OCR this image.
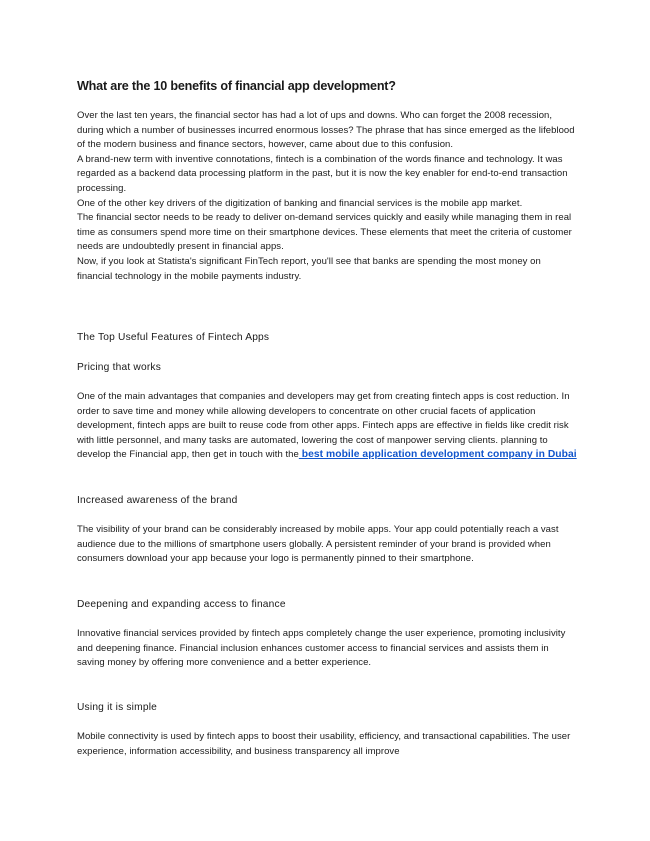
What are the 10 benefits of financial app development?

Over the last ten years, the financial sector has had a lot of ups and downs. Who can forget the 2008 recession, during which a number of businesses incurred enormous losses? The phrase that has since emerged as the lifeblood of the modern business and finance sectors, however, came about due to this confusion.

A brand-new term with inventive connotations, fintech is a combination of the words finance and technology. It was regarded as a backend data processing platform in the past, but it is now the key enabler for end-to-end transaction processing.

One of the other key drivers of the digitization of banking and financial services is the mobile app market.

The financial sector needs to be ready to deliver on-demand services quickly and easily while managing them in real time as consumers spend more time on their smartphone devices. These elements that meet the criteria of customer needs are undoubtedly present in financial apps.

Now, if you look at Statista's significant FinTech report, you'll see that banks are spending the most money on financial technology in the mobile payments industry.

The Top Useful Features of Fintech Apps
Pricing that works

One of the main advantages that companies and developers may get from creating fintech apps is cost reduction. In order to save time and money while allowing developers to concentrate on other crucial facets of application development, fintech apps are built to reuse code from other apps. Fintech apps are effective in fields like credit risk with little personnel, and many tasks are automated, lowering the cost of manpower serving clients. planning to develop the Financial app, then get in touch with the best mobile application development company in Dubai

Increased awareness of the brand

The visibility of your brand can be considerably increased by mobile apps. Your app could potentially reach a vast audience due to the millions of smartphone users globally. A persistent reminder of your brand is provided when consumers download your app because your logo is permanently pinned to their smartphone.

Deepening and expanding access to finance

Innovative financial services provided by fintech apps completely change the user experience, promoting inclusivity and deepening finance. Financial inclusion enhances customer access to financial services and assists them in saving money by offering more convenience and a better experience.

Using it is simple

Mobile connectivity is used by fintech apps to boost their usability, efficiency, and transactional capabilities. The user experience, information accessibility, and business transparency all improve
